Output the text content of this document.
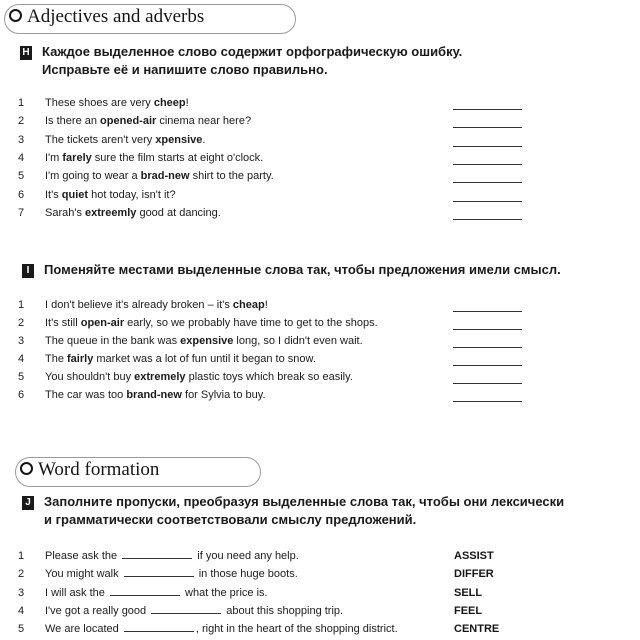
Adjectives and adverbs
Н Каждое выделенное слово содержит орфографическую ошибку.
Исправьте её и напишите слово правильно.
1 These shoes are very cheep!
2 Is there an opened-air cinema near here?
3 The tickets aren't very xpensive.
4 I'm farely sure the film starts at eight o'clock.
5 I'm going to wear a brad-new shirt to the party.
6 It's quiet hot today, isn't it?
7 Sarah's extreemly good at dancing.
I	Поменяйте местами выделенные слова так, чтобы предложения имели смысл.
1 I don't believe it's already broken – it's cheap!
2 It's still open-air early, so we probably have time to get to the shops.
3 The queue in the bank was expensive long, so I didn't even wait.
4 The fairly market was a lot of fun until it began to snow.
5 You shouldn't buy extremely plastic toys which break so easily.
6 The car was too brand-new for Sylvia to buy.
Word formation
J Заполните пропуски, преобразуя выделенные слова так, чтобы они лексически
и грамматически соответствовали смыслу предложений.
1 Please ask the	if you need any help.	ASSIST
2 You might walk	in those huge boots.	DIFFER
3 I will ask the	what the price is.	SELL
4 I've got a really good	about this shopping trip.	FEEL
5 We are located	, right in the heart of the shopping district.	CENTRE
